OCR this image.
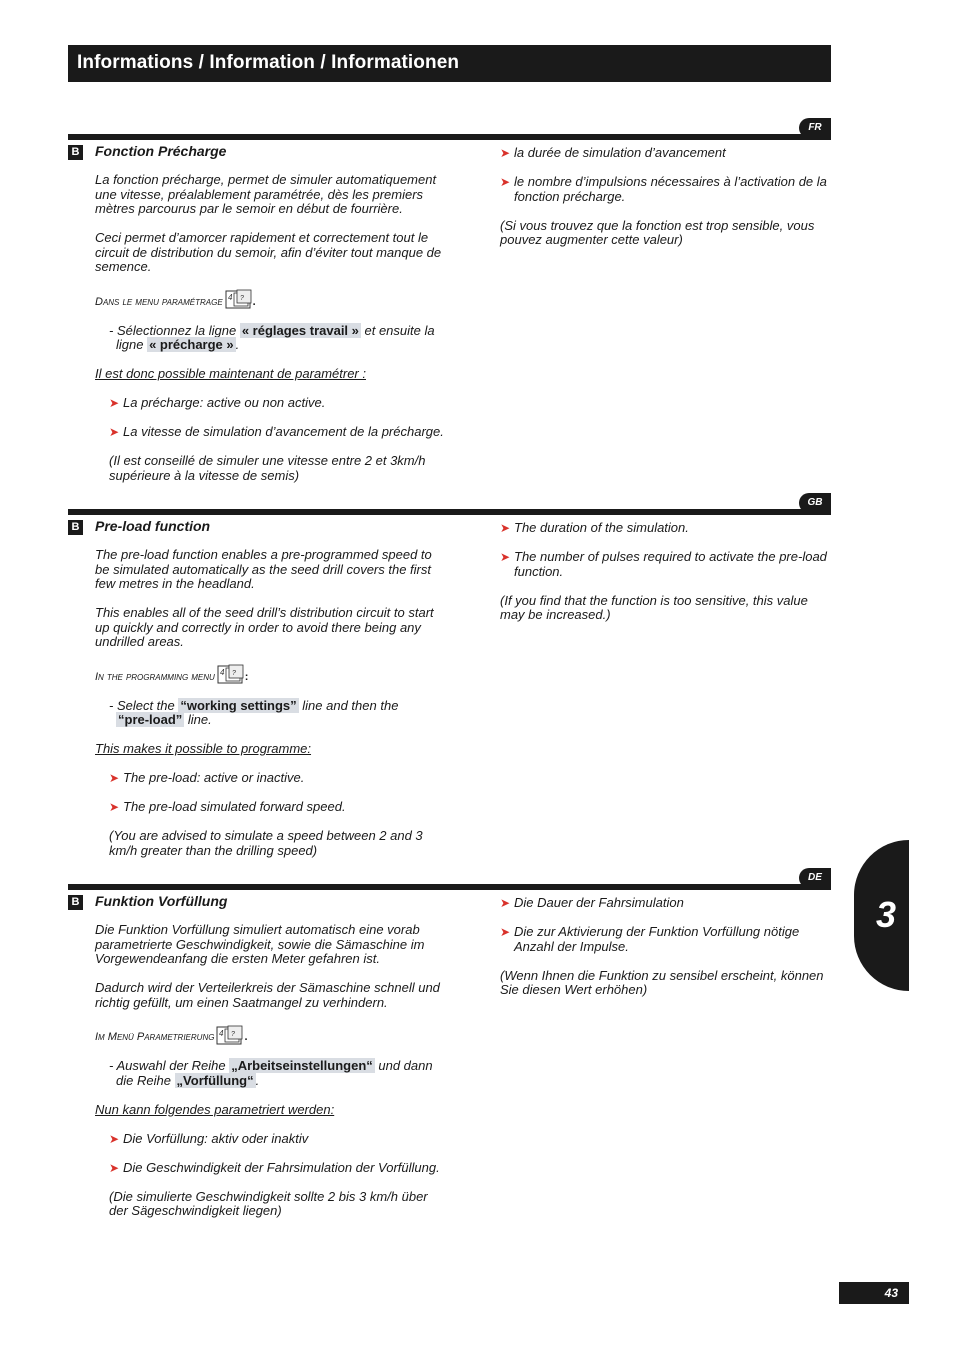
Informations / Information / Informationen
FR
B Fonction Précharge

La fonction précharge, permet de simuler automatiquement une vitesse, préalablement paramétrée, dès les premiers mètres parcourus par le semoir en début de fourrière.

Ceci permet d’amorcer rapidement et correctement tout le circuit de distribution du semoir, afin d’éviter tout manque de semence.

Dans le menu paramétrage 4 ? .
- Sélectionnez la ligne « réglages travail » et ensuite la
ligne « précharge » .

Il est donc possible maintenant de paramétrer :

➤ La précharge: active ou non active.
➤ La vitesse de simulation d’avancement de la précharge.

(Il est conseillé de simuler une vitesse entre 2 et 3km/h supérieure à la vitesse de semis)

➤ la durée de simulation d’avancement
➤ le nombre d’impulsions nécessaires à l’activation de la fonction précharge.

(Si vous trouvez que la fonction est trop sensible, vous pouvez augmenter cette valeur)

GB
B Pre-load function

The pre-load function enables a pre-programmed speed to be simulated automatically as the seed drill covers the first few metres in the headland.

This enables all of the seed drill’s distribution circuit to start up quickly and correctly in order to avoid there being any undrilled areas.

In the programming menu 4 ? :
- Select the “working settings” line and then the
“pre-load” line.

This makes it possible to programme:

➤ The pre-load: active or inactive.
➤ The pre-load simulated forward speed.

(You are advised to simulate a speed between 2 and 3 km/h greater than the drilling speed)

➤ The duration of the simulation.
➤ The number of pulses required to activate the pre-load function.

(If you find that the function is too sensitive, this value may be increased.)

DE
B Funktion Vorfüllung

Die Funktion Vorfüllung simuliert automatisch eine vorab parametrierte Geschwindigkeit, sowie die Sämaschine im Vorgewendeanfang die ersten Meter gefahren ist.

Dadurch wird der Verteilerkreis der Sämaschine schnell und richtig gefüllt, um einen Saatmangel zu verhindern.

Im Menü Parametrierung 4 ? .
- Auswahl der Reihe „Arbeitseinstellungen“ und dann
die Reihe „Vorfüllung“ .

Nun kann folgendes parametriert werden:

➤ Die Vorfüllung: aktiv oder inaktiv
➤ Die Geschwindigkeit der Fahrsimulation der Vorfüllung.

(Die simulierte Geschwindigkeit sollte 2 bis 3 km/h über der Sägeschwindigkeit liegen)

➤ Die Dauer der Fahrsimulation
➤ Die zur Aktivierung der Funktion Vorfüllung nötige Anzahl der Impulse.

(Wenn Ihnen die Funktion zu sensibel erscheint, können Sie diesen Wert erhöhen)

3
43
